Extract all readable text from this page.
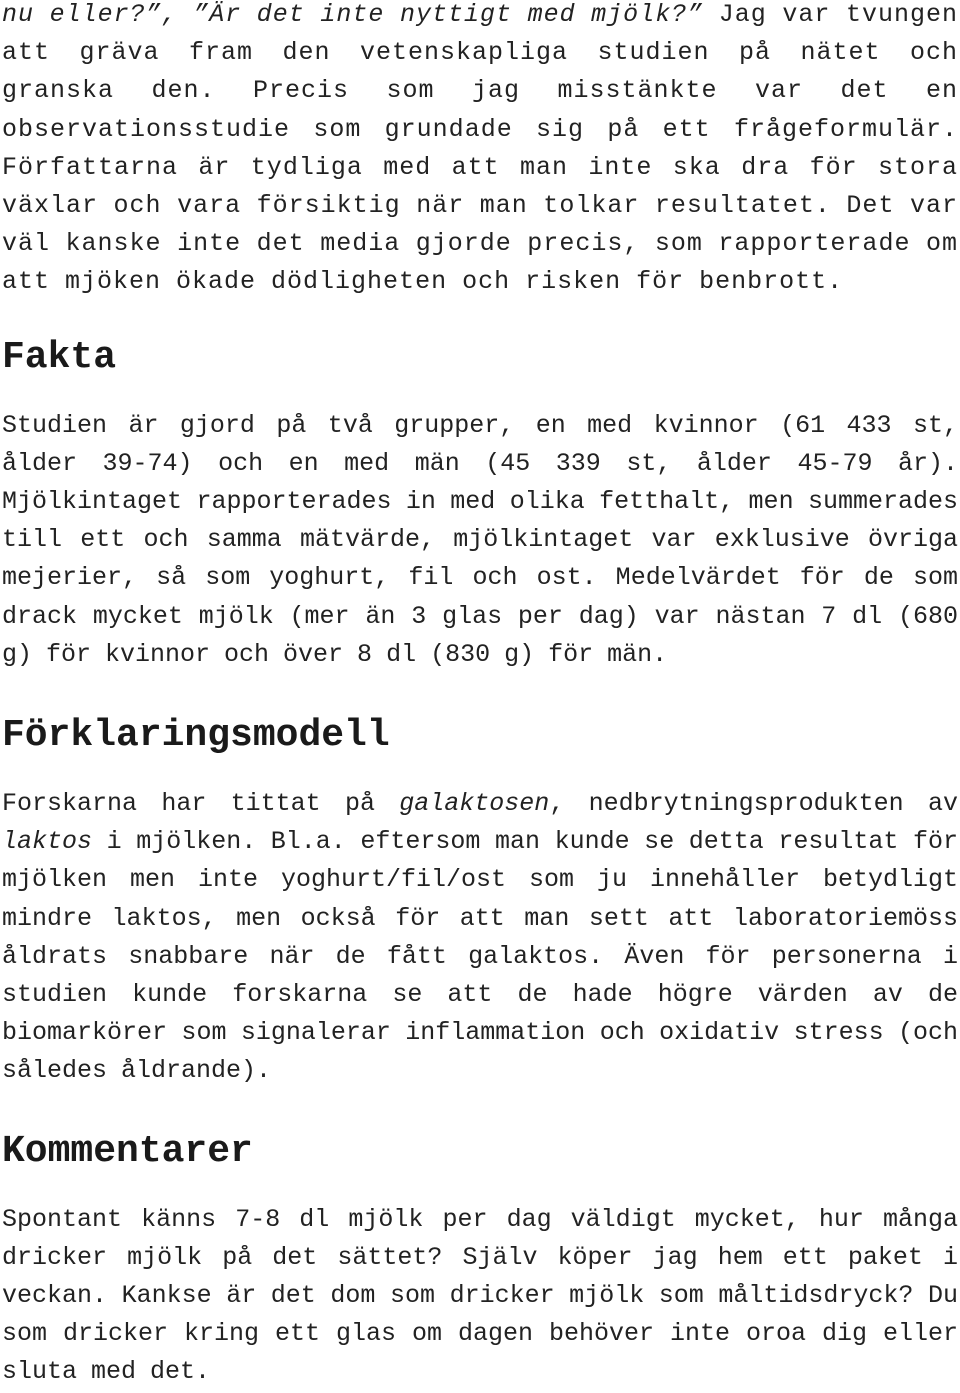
nu eller?”, ”Är det inte nyttigt med mjölk?” Jag var tvungen att gräva fram den vetenskapliga studien på nätet och granska den. Precis som jag misstänkte var det en observationsstudie som grundade sig på ett frågeformulär. Författarna är tydliga med att man inte ska dra för stora växlar och vara försiktig när man tolkar resultatet. Det var väl kanske inte det media gjorde precis, som rapporterade om att mjöken ökade dödligheten och risken för benbrott.

Fakta

Studien är gjord på två grupper, en med kvinnor (61 433 st, ålder 39-74) och en med män (45 339 st, ålder 45-79 år). Mjölkintaget rapporterades in med olika fetthalt, men summerades till ett och samma mätvärde, mjölkintaget var exklusive övriga mejerier, så som yoghurt, fil och ost. Medelvärdet för de som drack mycket mjölk (mer än 3 glas per dag) var nästan 7 dl (680 g) för kvinnor och över 8 dl (830 g) för män.

Förklaringsmodell

Forskarna har tittat på galaktosen, nedbrytningsprodukten av laktos i mjölken. Bl.a. eftersom man kunde se detta resultat för mjölken men inte yoghurt/fil/ost som ju innehåller betydligt mindre laktos, men också för att man sett att laboratoriemöss åldrats snabbare när de fått galaktos. Även för personerna i studien kunde forskarna se att de hade högre värden av de biomarkörer som signalerar inflammation och oxidativ stress (och således åldrande).

Kommentarer

Spontant känns 7-8 dl mjölk per dag väldigt mycket, hur många dricker mjölk på det sättet? Själv köper jag hem ett paket i veckan. Kankse är det dom som dricker mjölk som måltidsdryck? Du som dricker kring ett glas om dagen behöver inte oroa dig eller sluta med det.
